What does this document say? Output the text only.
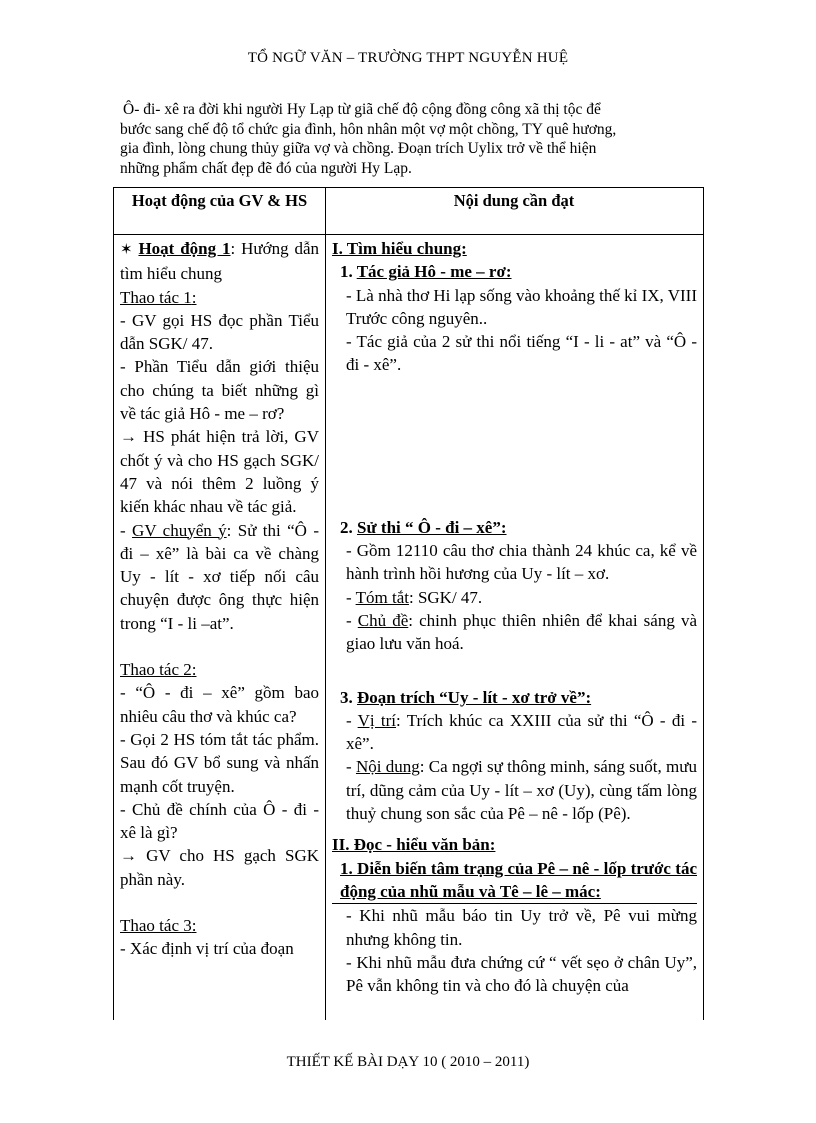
TỔ NGỮ VĂN – TRƯỜNG THPT NGUYỄN HUỆ

Ô- đi- xê ra đời khi người Hy Lạp từ giã chế độ cộng đồng công xã thị tộc để

bước sang chế độ tổ chức gia đình, hôn nhân một vợ một chồng, TY quê hương,

gia đình, lòng chung thủy giữa vợ và chồng. Đoạn trích Uylix trở về thể hiện

những phẩm chất đẹp đẽ đó của người Hy Lạp.

Hoạt động của GV & HS	Nội dung cần đạt

✶ Hoạt động 1: Hướng dẫn tìm hiểu chung

Thao tác 1:

- GV gọi HS đọc phần Tiểu dẫn SGK/ 47.

- Phần Tiểu dẫn giới thiệu cho chúng ta biết những gì về tác giả Hô - me – rơ?

→ HS phát hiện trả lời, GV chốt ý và cho HS gạch SGK/ 47 và nói thêm 2 luồng ý kiến khác nhau về tác giả.

- GV chuyển ý: Sử thi “Ô - đi – xê” là bài ca về chàng Uy - lít - xơ tiếp nối câu chuyện được ông thực hiện trong “I - li –at”.

Thao tác 2:

- “Ô - đi – xê” gồm bao nhiêu câu thơ và khúc ca?

- Gọi 2 HS tóm tắt tác phẩm. Sau đó GV bổ sung và nhấn mạnh cốt truyện.

- Chủ đề chính của Ô - đi - xê là gì?

→ GV cho HS gạch SGK phần này.

Thao tác 3:

- Xác định vị trí của đoạn

I. Tìm hiểu chung:

1. Tác giả Hô - me – rơ:

- Là nhà thơ Hi lạp sống vào khoảng thế kỉ IX, VIII Trước công nguyên..

- Tác giả của 2 sử thi nổi tiếng “I - li - at” và “Ô - đi - xê”.

2. Sử thi “ Ô - đi – xê”:

- Gồm 12110 câu thơ chia thành 24 khúc ca, kể về hành trình hồi hương của Uy - lít – xơ.

- Tóm tắt: SGK/ 47.

- Chủ đề: chinh phục thiên nhiên để khai sáng và giao lưu văn hoá.

3. Đoạn trích “Uy - lít - xơ trở về”:

- Vị trí: Trích khúc ca XXIII của sử thi “Ô - đi - xê”.

- Nội dung: Ca ngợi sự thông minh, sáng suốt, mưu trí, dũng cảm của Uy - lít – xơ (Uy), cùng tấm lòng thuỷ chung son sắc của Pê – nê - lốp (Pê).

II. Đọc - hiểu văn bản:

1. Diễn biến tâm trạng của Pê – nê - lốp trước tác động của nhũ mẫu và Tê – lê – mác:

- Khi nhũ mẫu báo tin Uy trở về, Pê vui mừng nhưng không tin.

- Khi nhũ mẫu đưa chứng cứ “ vết sẹo ở chân Uy”, Pê vẫn không tin và cho đó là chuyện của

THIẾT KẾ BÀI DẠY 10 ( 2010 – 2011)
